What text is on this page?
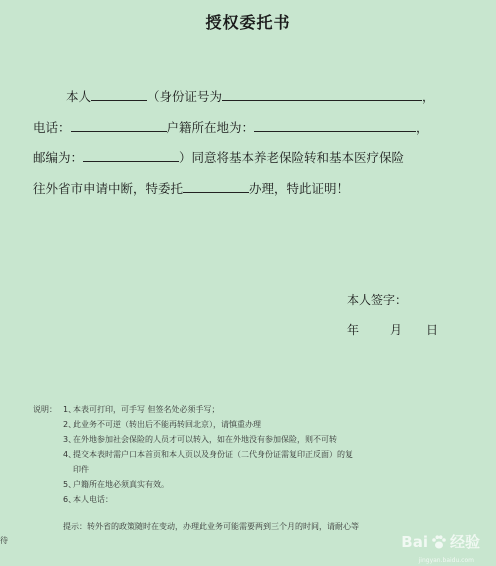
授权委托书
本人	（身份证号为	，
电话：	户籍所在地为：	，
邮编为：	）同意将基本养老保险转和基本医疗保险
往外省市申请中断，特委托	办理，特此证明！
本人签字：
年	月 日
说明： 1、
本表可打印，可手写 但签名处必须手写；
2、
此业务不可逆（转出后不能再转回北京），请慎重办理
3、
在外地参加社会保险的人员才可以转入，如在外地没有参加保险，则不可转
4、
提交本表时需户口本首页和本人页以及身份证（二代身份证需复印正反面）的复
印件
5、
户籍所在地必须真实有效。
6、
本人电话：
提示：转外省的政策随时在变动，办理此业务可能需要两到三个月的时间，请耐心等
待	Bai 经验
jingyan.baidu.com
